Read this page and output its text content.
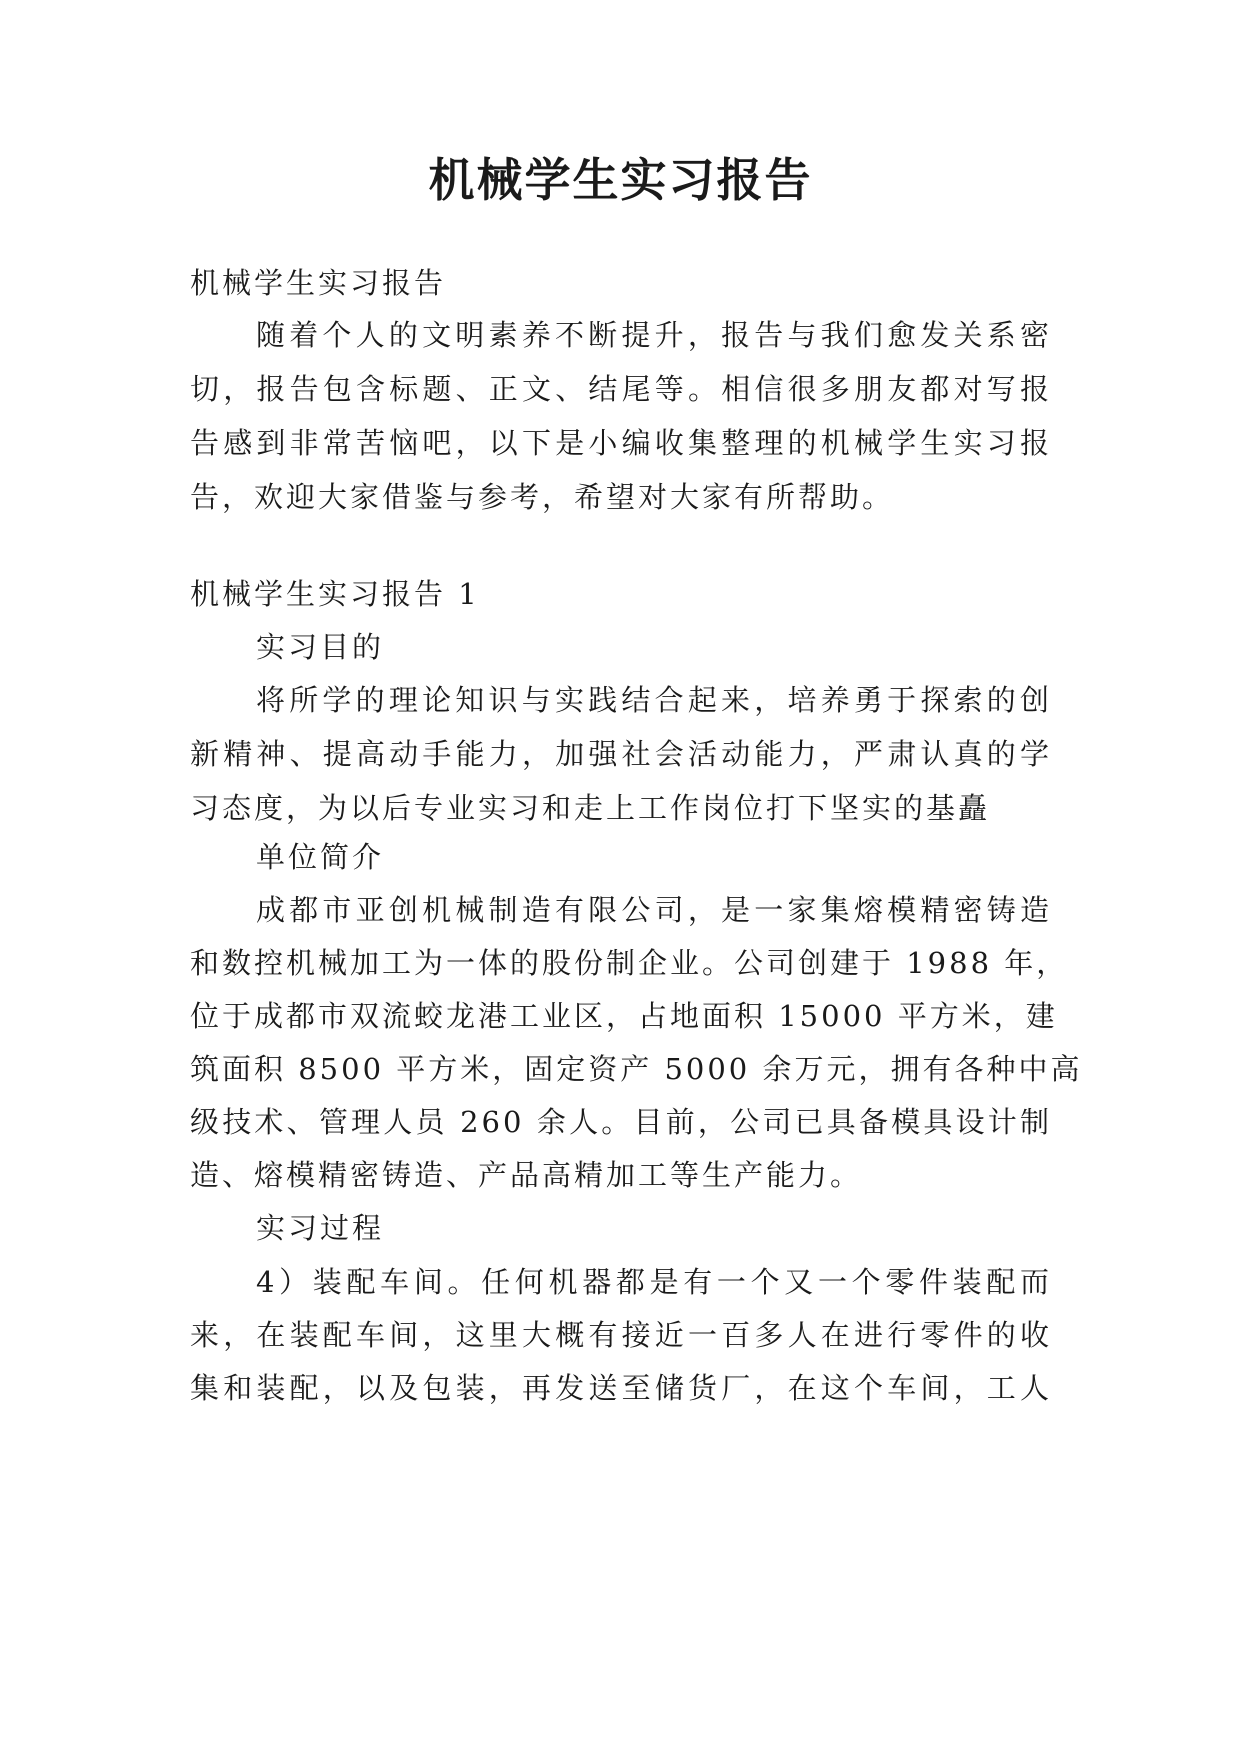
机械学生实习报告
机械学生实习报告
随着个人的文明素养不断提升，报告与我们愈发关系密
切，报告包含标题、正文、结尾等。相信很多朋友都对写报
告感到非常苦恼吧，以下是小编收集整理的机械学生实习报
告，欢迎大家借鉴与参考，希望对大家有所帮助。
机械学生实习报告 1
实习目的
将所学的理论知识与实践结合起来，培养勇于探索的创
新精神、提高动手能力，加强社会活动能力，严肃认真的学
习态度，为以后专业实习和走上工作岗位打下坚实的基矗
单位简介
成都市亚创机械制造有限公司，是一家集熔模精密铸造
和数控机械加工为一体的股份制企业。公司创建于 1988 年，
位于成都市双流蛟龙港工业区，占地面积 15000 平方米，建
筑面积 8500 平方米，固定资产 5000 余万元，拥有各种中高
级技术、管理人员 260 余人。目前，公司已具备模具设计制
造、熔模精密铸造、产品高精加工等生产能力。
实习过程
4）装配车间。任何机器都是有一个又一个零件装配而
来，在装配车间，这里大概有接近一百多人在进行零件的收
集和装配，以及包装，再发送至储货厂，在这个车间，工人
